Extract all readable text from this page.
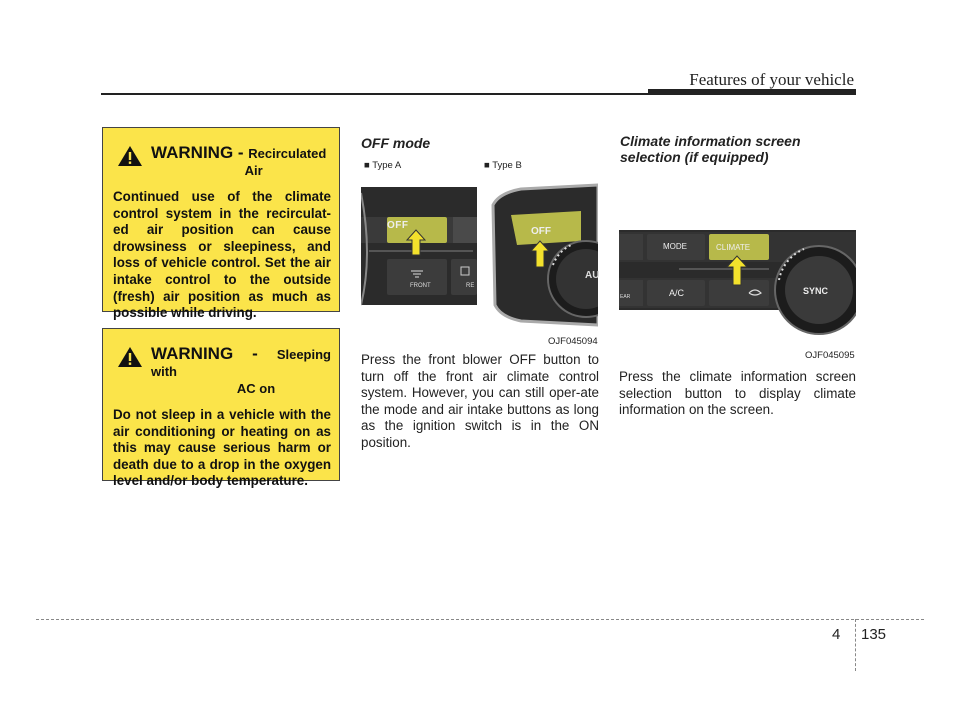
Features of your vehicle
WARNING - Recirculated
Air

Continued use of the climate control system in the recirculat-ed air position can cause drowsiness or sleepiness, and loss of vehicle control. Set the air intake control to the outside (fresh) air position as much as possible while driving.

WARNING - Sleeping with
AC on

Do not sleep in a vehicle with the air conditioning or heating on as this may cause serious harm or death due to a drop in the oxygen level and/or body temperature.

OFF mode
■ Type A	■ Type B
OFF
FRONT	RE
OFF
AU
OJF045094

Press the front blower OFF button to turn off the front air climate control system. However, you can still oper-ate the mode and air intake buttons as long as the ignition switch is in the ON position.

Climate information screen
selection (if equipped)
MODE	CLIMATE
A/C	SYNC
EAR
OJF045095

Press the climate information screen selection button to display climate information on the screen.

4 135
